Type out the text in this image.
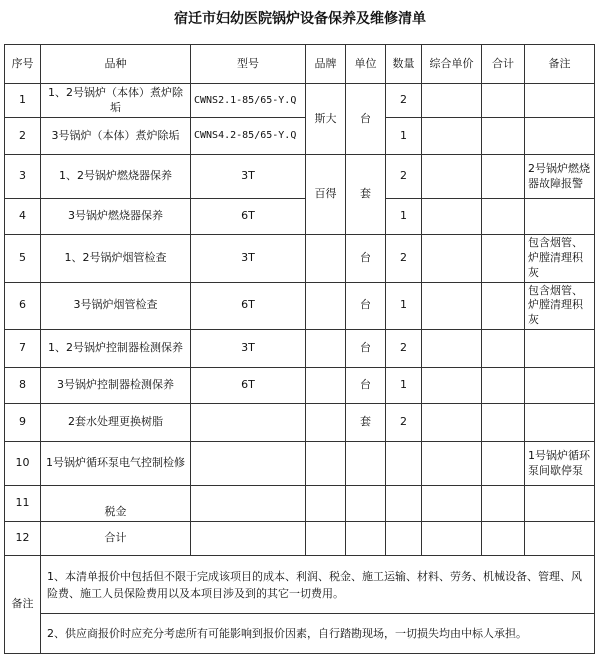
宿迁市妇幼医院锅炉设备保养及维修清单
序号	品种	型号	品牌	单位	数量	综合单价	合计	备注
1	1、2号锅炉（本体）煮炉除垢	CWNS2.1-85/65-Y.Q	斯大	台	2			
2	3号锅炉（本体）煮炉除垢	CWNS4.2-85/65-Y.Q			1			
3	1、2号锅炉燃烧器保养	3T	百得	套	2			2号锅炉燃烧器故障报警
4	3号锅炉燃烧器保养	6T			1			
5	1、2号锅炉烟管检查	3T		台	2			包含烟管、炉膛清理积灰
6	3号锅炉烟管检查	6T		台	1			包含烟管、炉膛清理积灰
7	1、2号锅炉控制器检测保养	3T		台	2			
8	3号锅炉控制器检测保养	6T		台	1			
9	2套水处理更换树脂			套	2			
10	1号锅炉循环泵电气控制检修							1号锅炉循环泵间歇停泵
11	税金							
12	合计							
备注	1、本清单报价中包括但不限于完成该项目的成本、利润、税金、施工运输、材料、劳务、机械设备、管理、风险费、施工人员保险费用以及本项目涉及到的其它一切费用。							
	2、供应商报价时应充分考虑所有可能影响到报价因素，自行踏勘现场，一切损失均由中标人承担。							
